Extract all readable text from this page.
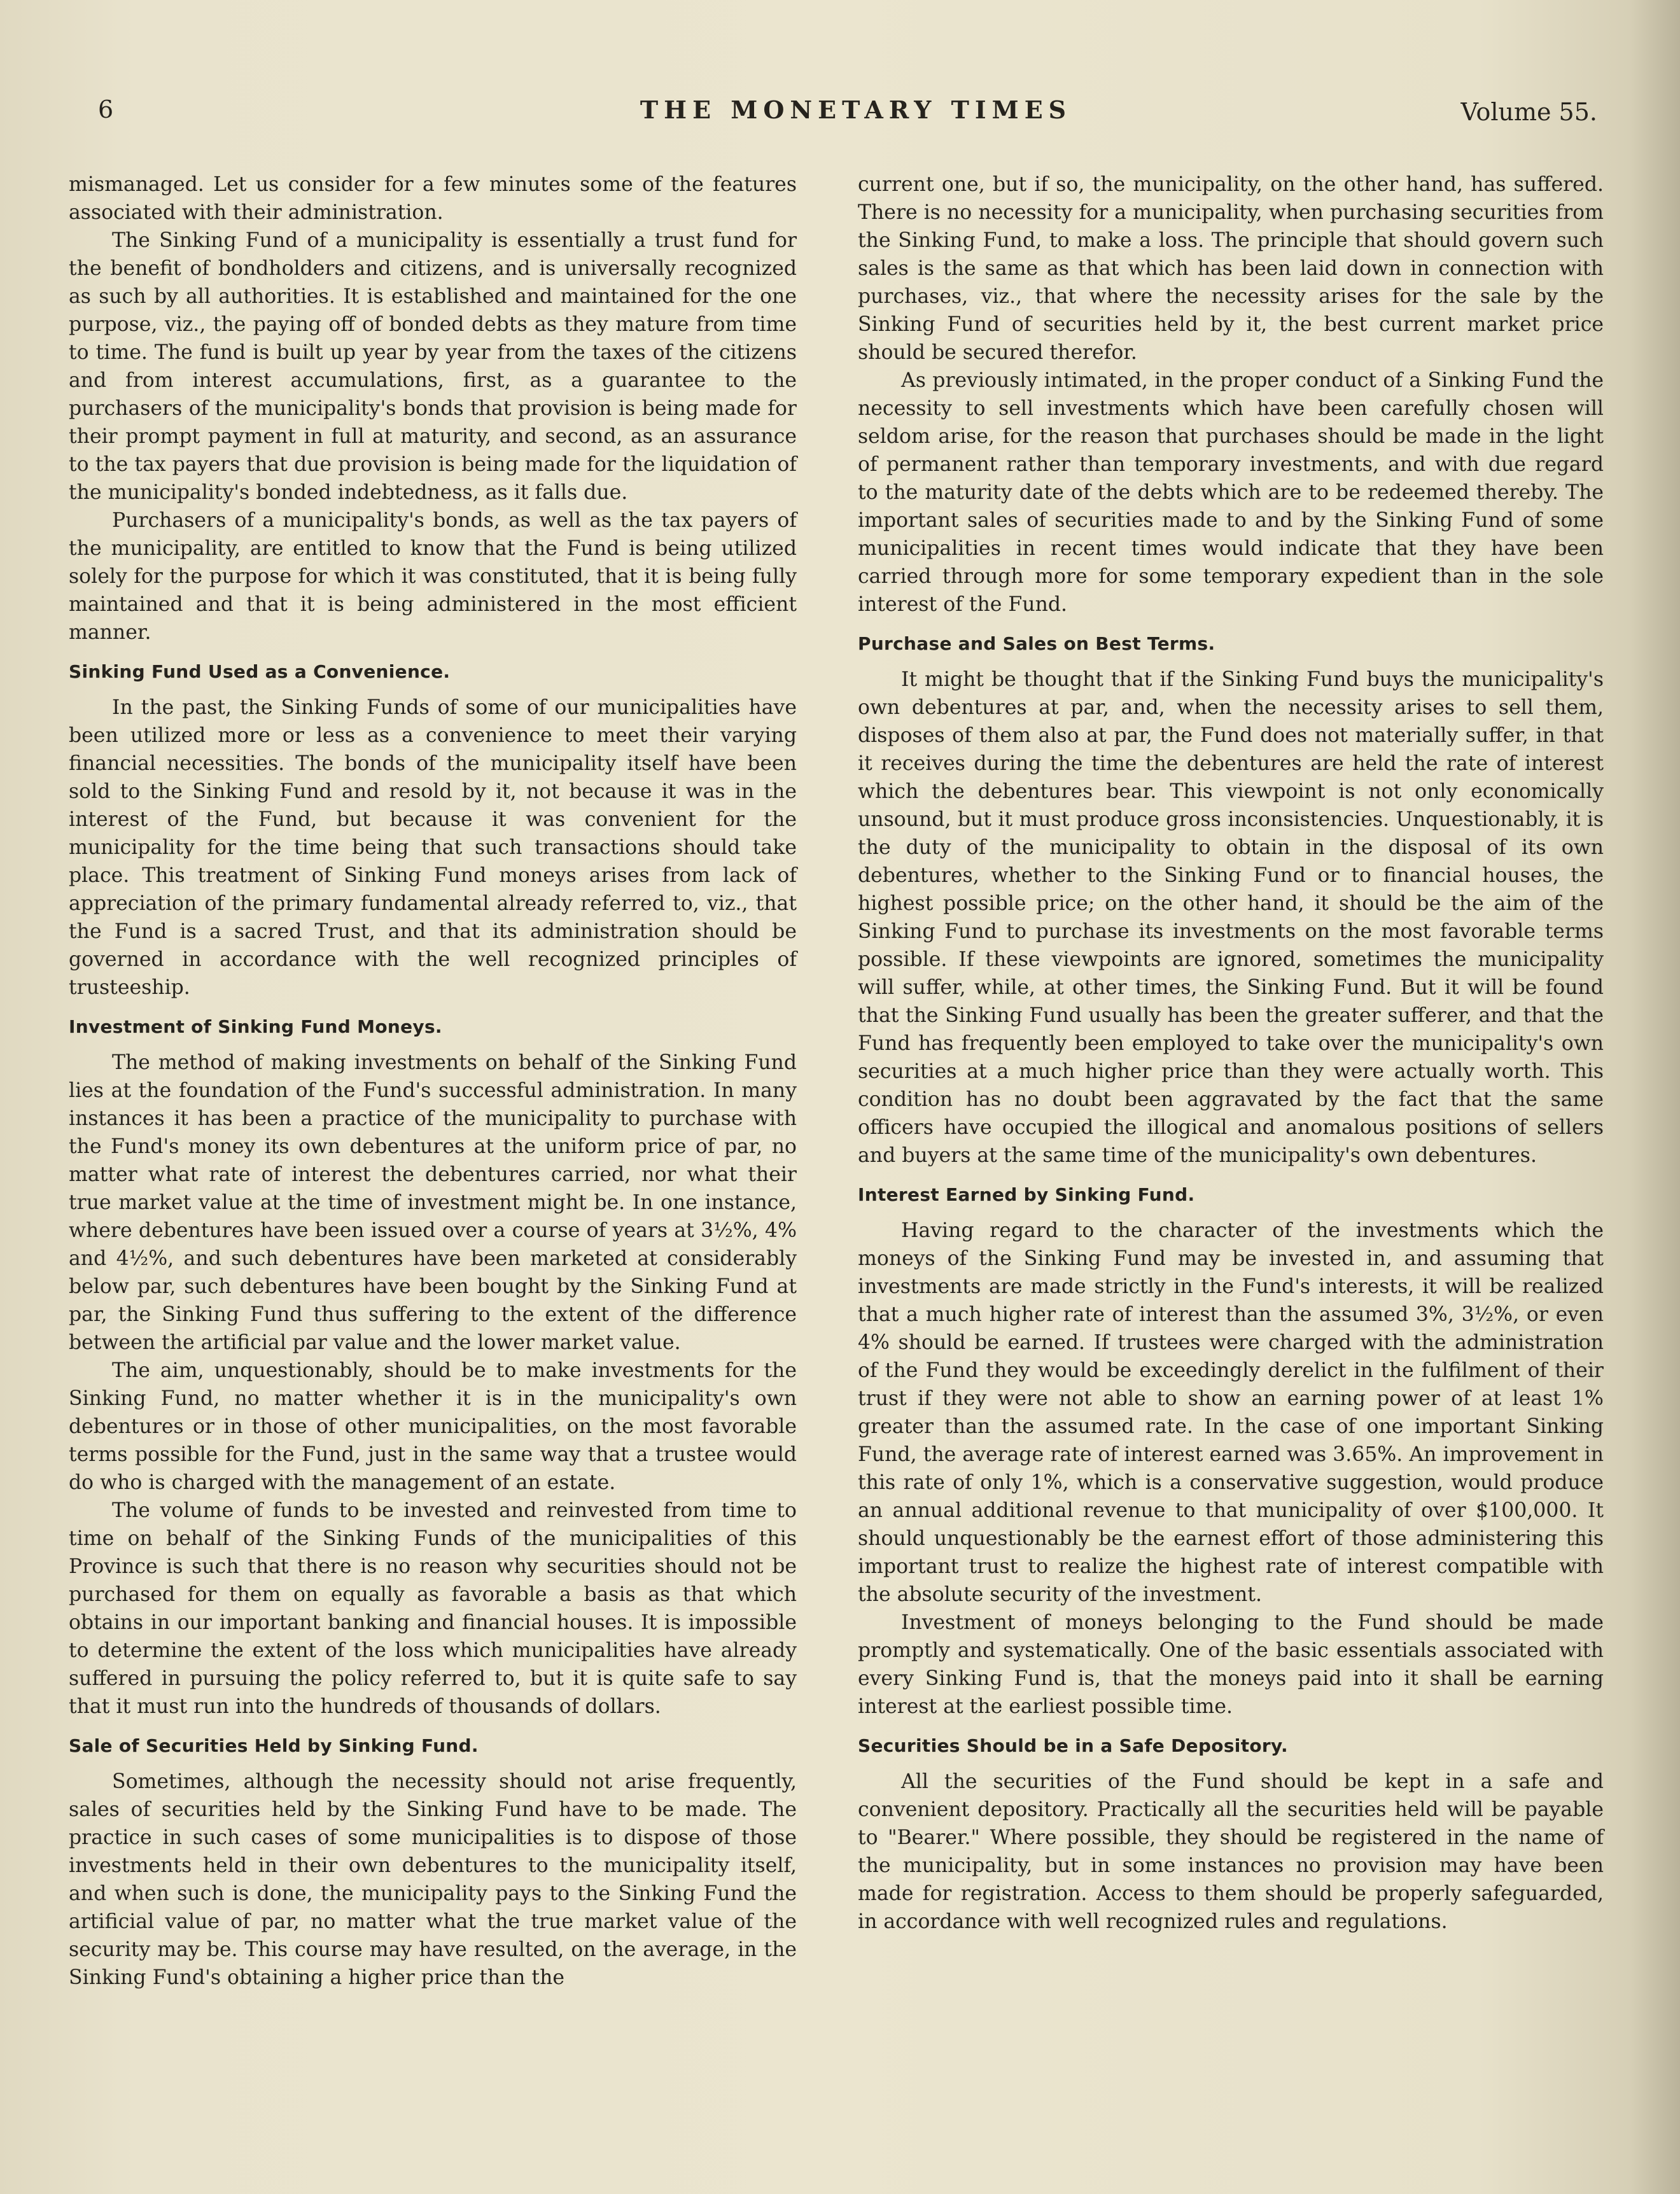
6	THE MONETARY TIMES	Volume 55.

mismanaged. Let us consider for a few minutes some of the features associated with their administration.

The Sinking Fund of a municipality is essentially a trust fund for the benefit of bondholders and citizens, and is universally recognized as such by all authorities. It is established and maintained for the one purpose, viz., the paying off of bonded debts as they mature from time to time. The fund is built up year by year from the taxes of the citizens and from interest accumulations, first, as a guarantee to the purchasers of the municipality's bonds that provision is being made for their prompt payment in full at maturity, and second, as an assurance to the tax payers that due provision is being made for the liquidation of the municipality's bonded indebtedness, as it falls due.

Purchasers of a municipality's bonds, as well as the tax payers of the municipality, are entitled to know that the Fund is being utilized solely for the purpose for which it was constituted, that it is being fully maintained and that it is being administered in the most efficient manner.

Sinking Fund Used as a Convenience.

In the past, the Sinking Funds of some of our municipalities have been utilized more or less as a convenience to meet their varying financial necessities. The bonds of the municipality itself have been sold to the Sinking Fund and resold by it, not because it was in the interest of the Fund, but because it was convenient for the municipality for the time being that such transactions should take place. This treatment of Sinking Fund moneys arises from lack of appreciation of the primary fundamental already referred to, viz., that the Fund is a sacred Trust, and that its administration should be governed in accordance with the well recognized principles of trusteeship.

Investment of Sinking Fund Moneys.

The method of making investments on behalf of the Sinking Fund lies at the foundation of the Fund's successful administration. In many instances it has been a practice of the municipality to purchase with the Fund's money its own debentures at the uniform price of par, no matter what rate of interest the debentures carried, nor what their true market value at the time of investment might be. In one instance, where debentures have been issued over a course of years at 3½%, 4% and 4½%, and such debentures have been marketed at considerably below par, such debentures have been bought by the Sinking Fund at par, the Sinking Fund thus suffering to the extent of the difference between the artificial par value and the lower market value.

The aim, unquestionably, should be to make investments for the Sinking Fund, no matter whether it is in the municipality's own debentures or in those of other municipalities, on the most favorable terms possible for the Fund, just in the same way that a trustee would do who is charged with the management of an estate.

The volume of funds to be invested and reinvested from time to time on behalf of the Sinking Funds of the municipalities of this Province is such that there is no reason why securities should not be purchased for them on equally as favorable a basis as that which obtains in our important banking and financial houses. It is impossible to determine the extent of the loss which municipalities have already suffered in pursuing the policy referred to, but it is quite safe to say that it must run into the hundreds of thousands of dollars.

Sale of Securities Held by Sinking Fund.

Sometimes, although the necessity should not arise frequently, sales of securities held by the Sinking Fund have to be made. The practice in such cases of some municipalities is to dispose of those investments held in their own debentures to the municipality itself, and when such is done, the municipality pays to the Sinking Fund the artificial value of par, no matter what the true market value of the security may be. This course may have resulted, on the average, in the Sinking Fund's obtaining a higher price than the

current one, but if so, the municipality, on the other hand, has suffered. There is no necessity for a municipality, when purchasing securities from the Sinking Fund, to make a loss. The principle that should govern such sales is the same as that which has been laid down in connection with purchases, viz., that where the necessity arises for the sale by the Sinking Fund of securities held by it, the best current market price should be secured therefor.

As previously intimated, in the proper conduct of a Sinking Fund the necessity to sell investments which have been carefully chosen will seldom arise, for the reason that purchases should be made in the light of permanent rather than temporary investments, and with due regard to the maturity date of the debts which are to be redeemed thereby. The important sales of securities made to and by the Sinking Fund of some municipalities in recent times would indicate that they have been carried through more for some temporary expedient than in the sole interest of the Fund.

Purchase and Sales on Best Terms.

It might be thought that if the Sinking Fund buys the municipality's own debentures at par, and, when the necessity arises to sell them, disposes of them also at par, the Fund does not materially suffer, in that it receives during the time the debentures are held the rate of interest which the debentures bear. This viewpoint is not only economically unsound, but it must produce gross inconsistencies. Unquestionably, it is the duty of the municipality to obtain in the disposal of its own debentures, whether to the Sinking Fund or to financial houses, the highest possible price; on the other hand, it should be the aim of the Sinking Fund to purchase its investments on the most favorable terms possible. If these viewpoints are ignored, sometimes the municipality will suffer, while, at other times, the Sinking Fund. But it will be found that the Sinking Fund usually has been the greater sufferer, and that the Fund has frequently been employed to take over the municipality's own securities at a much higher price than they were actually worth. This condition has no doubt been aggravated by the fact that the same officers have occupied the illogical and anomalous positions of sellers and buyers at the same time of the municipality's own debentures.

Interest Earned by Sinking Fund.

Having regard to the character of the investments which the moneys of the Sinking Fund may be invested in, and assuming that investments are made strictly in the Fund's interests, it will be realized that a much higher rate of interest than the assumed 3%, 3½%, or even 4% should be earned. If trustees were charged with the administration of the Fund they would be exceedingly derelict in the fulfilment of their trust if they were not able to show an earning power of at least 1% greater than the assumed rate. In the case of one important Sinking Fund, the average rate of interest earned was 3.65%. An improvement in this rate of only 1%, which is a conservative suggestion, would produce an annual additional revenue to that municipality of over $100,000. It should unquestionably be the earnest effort of those administering this important trust to realize the highest rate of interest compatible with the absolute security of the investment.

Investment of moneys belonging to the Fund should be made promptly and systematically. One of the basic essentials associated with every Sinking Fund is, that the moneys paid into it shall be earning interest at the earliest possible time.

Securities Should be in a Safe Depository.

All the securities of the Fund should be kept in a safe and convenient depository. Practically all the securities held will be payable to "Bearer." Where possible, they should be registered in the name of the municipality, but in some instances no provision may have been made for registration. Access to them should be properly safeguarded, in accordance with well recognized rules and regulations.
